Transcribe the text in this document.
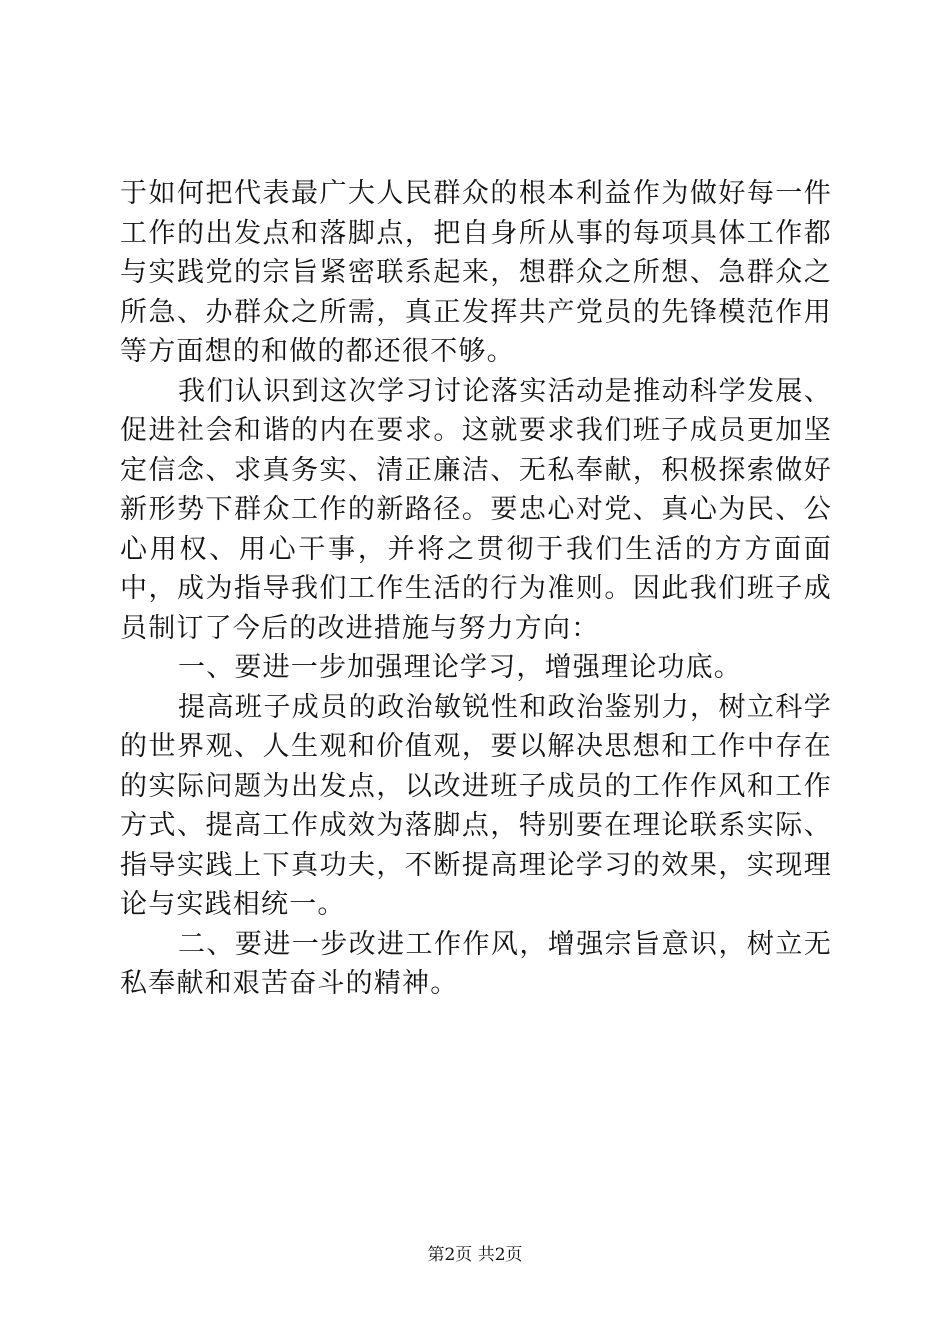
于如何把代表最广大人民群众的根本利益作为做好每一件工作的出发点和落脚点，把自身所从事的每项具体工作都与实践党的宗旨紧密联系起来，想群众之所想、急群众之所急、办群众之所需，真正发挥共产党员的先锋模范作用等方面想的和做的都还很不够。

我们认识到这次学习讨论落实活动是推动科学发展、促进社会和谐的内在要求。这就要求我们班子成员更加坚定信念、求真务实、清正廉洁、无私奉献，积极探索做好新形势下群众工作的新路径。要忠心对党、真心为民、公心用权、用心干事，并将之贯彻于我们生活的方方面面中，成为指导我们工作生活的行为准则。因此我们班子成员制订了今后的改进措施与努力方向：

一、要进一步加强理论学习，增强理论功底。

提高班子成员的政治敏锐性和政治鉴别力，树立科学的世界观、人生观和价值观，要以解决思想和工作中存在的实际问题为出发点，以改进班子成员的工作作风和工作方式、提高工作成效为落脚点，特别要在理论联系实际、指导实践上下真功夫，不断提高理论学习的效果，实现理论与实践相统一。

二、要进一步改进工作作风，增强宗旨意识，树立无私奉献和艰苦奋斗的精神。

第2页 共2页
